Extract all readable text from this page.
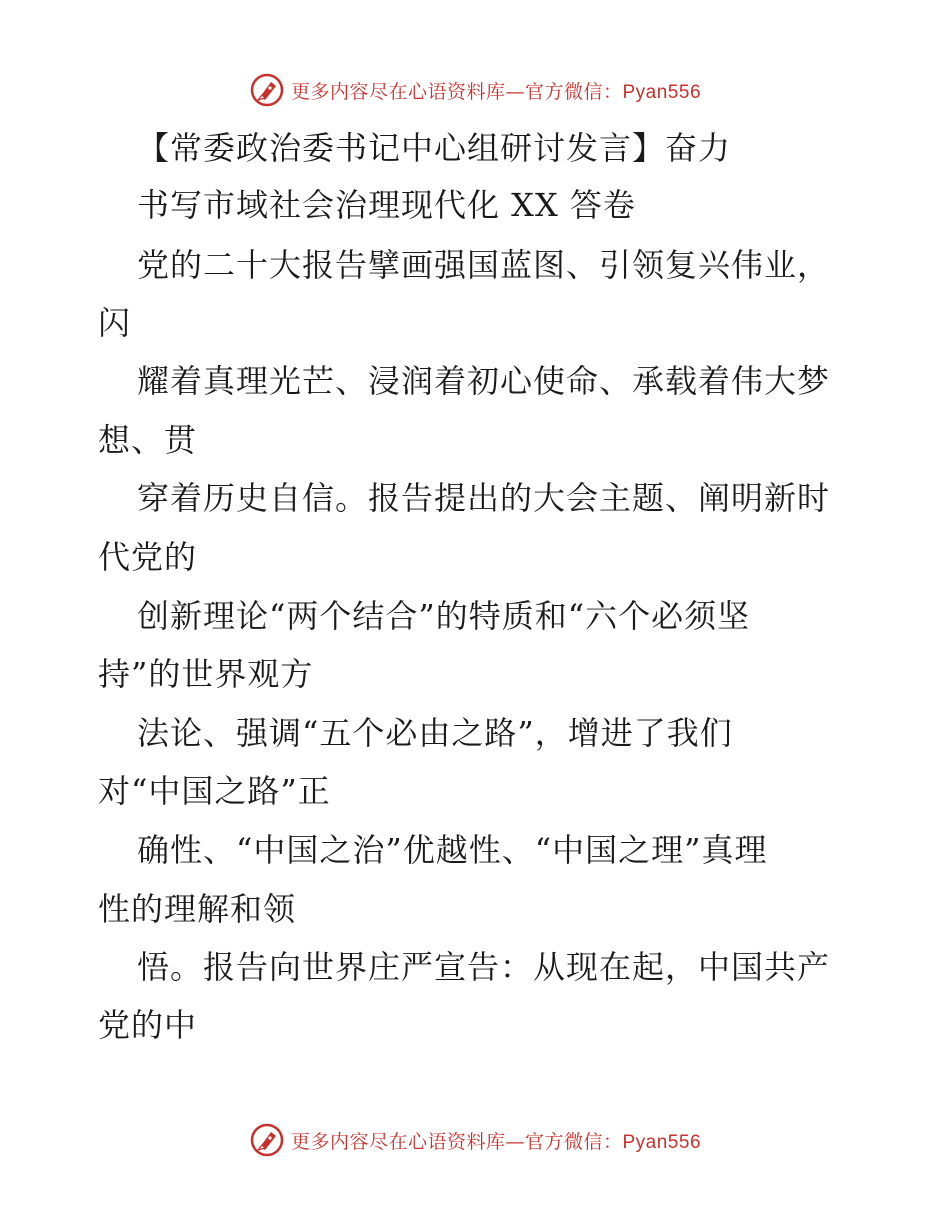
更多内容尽在心语资料库—官方微信：Pyan556
【常委政治委书记中心组研讨发言】奋力
书写市域社会治理现代化 XX 答卷
党的二十大报告擘画强国蓝图、引领复兴伟业，
闪
耀着真理光芒、浸润着初心使命、承载着伟大梦
想、贯
穿着历史自信。报告提出的大会主题、阐明新时
代党的
创新理论“两个结合”的特质和“六个必须坚
持”的世界观方
法论、强调“五个必由之路”，增进了我们
对“中国之路”正
确性、“中国之治”优越性、“中国之理”真理
性的理解和领
悟。报告向世界庄严宣告：从现在起，中国共产
党的中
更多内容尽在心语资料库—官方微信：Pyan556
